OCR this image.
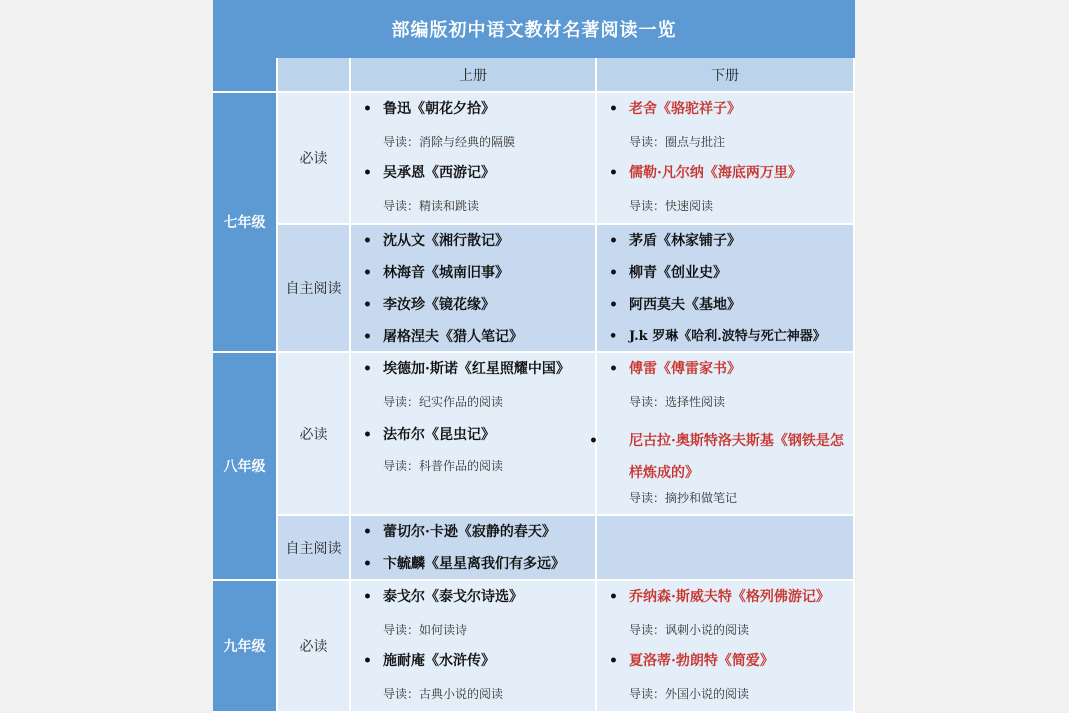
部编版初中语文教材名著阅读一览
上册	下册
七年级
必读
• 鲁迅《朝花夕拾》
导读：消除与经典的隔膜
• 吴承恩《西游记》
导读：精读和跳读
• 老舍《骆驼祥子》
导读：圈点与批注
• 儒勒·凡尔纳《海底两万里》
导读：快速阅读
自主阅读
• 沈从文《湘行散记》
• 林海音《城南旧事》
• 李汝珍《镜花缘》
• 屠格涅夫《猎人笔记》
• 茅盾《林家铺子》
• 柳青《创业史》
• 阿西莫夫《基地》
• J.k 罗琳《哈利.波特与死亡神器》
八年级
必读
• 埃德加·斯诺《红星照耀中国》
导读：纪实作品的阅读
• 法布尔《昆虫记》
导读：科普作品的阅读
• 傅雷《傅雷家书》
导读：选择性阅读
• 尼古拉·奥斯特洛夫斯基《钢铁是怎样炼成的》
导读：摘抄和做笔记
自主阅读
• 蕾切尔·卡逊《寂静的春天》
• 卞毓麟《星星离我们有多远》
九年级	必读
• 泰戈尔《泰戈尔诗选》
导读：如何读诗
• 施耐庵《水浒传》
导读：古典小说的阅读
• 乔纳森·斯威夫特《格列佛游记》
导读：讽刺小说的阅读
• 夏洛蒂·勃朗特《简爱》
导读：外国小说的阅读
